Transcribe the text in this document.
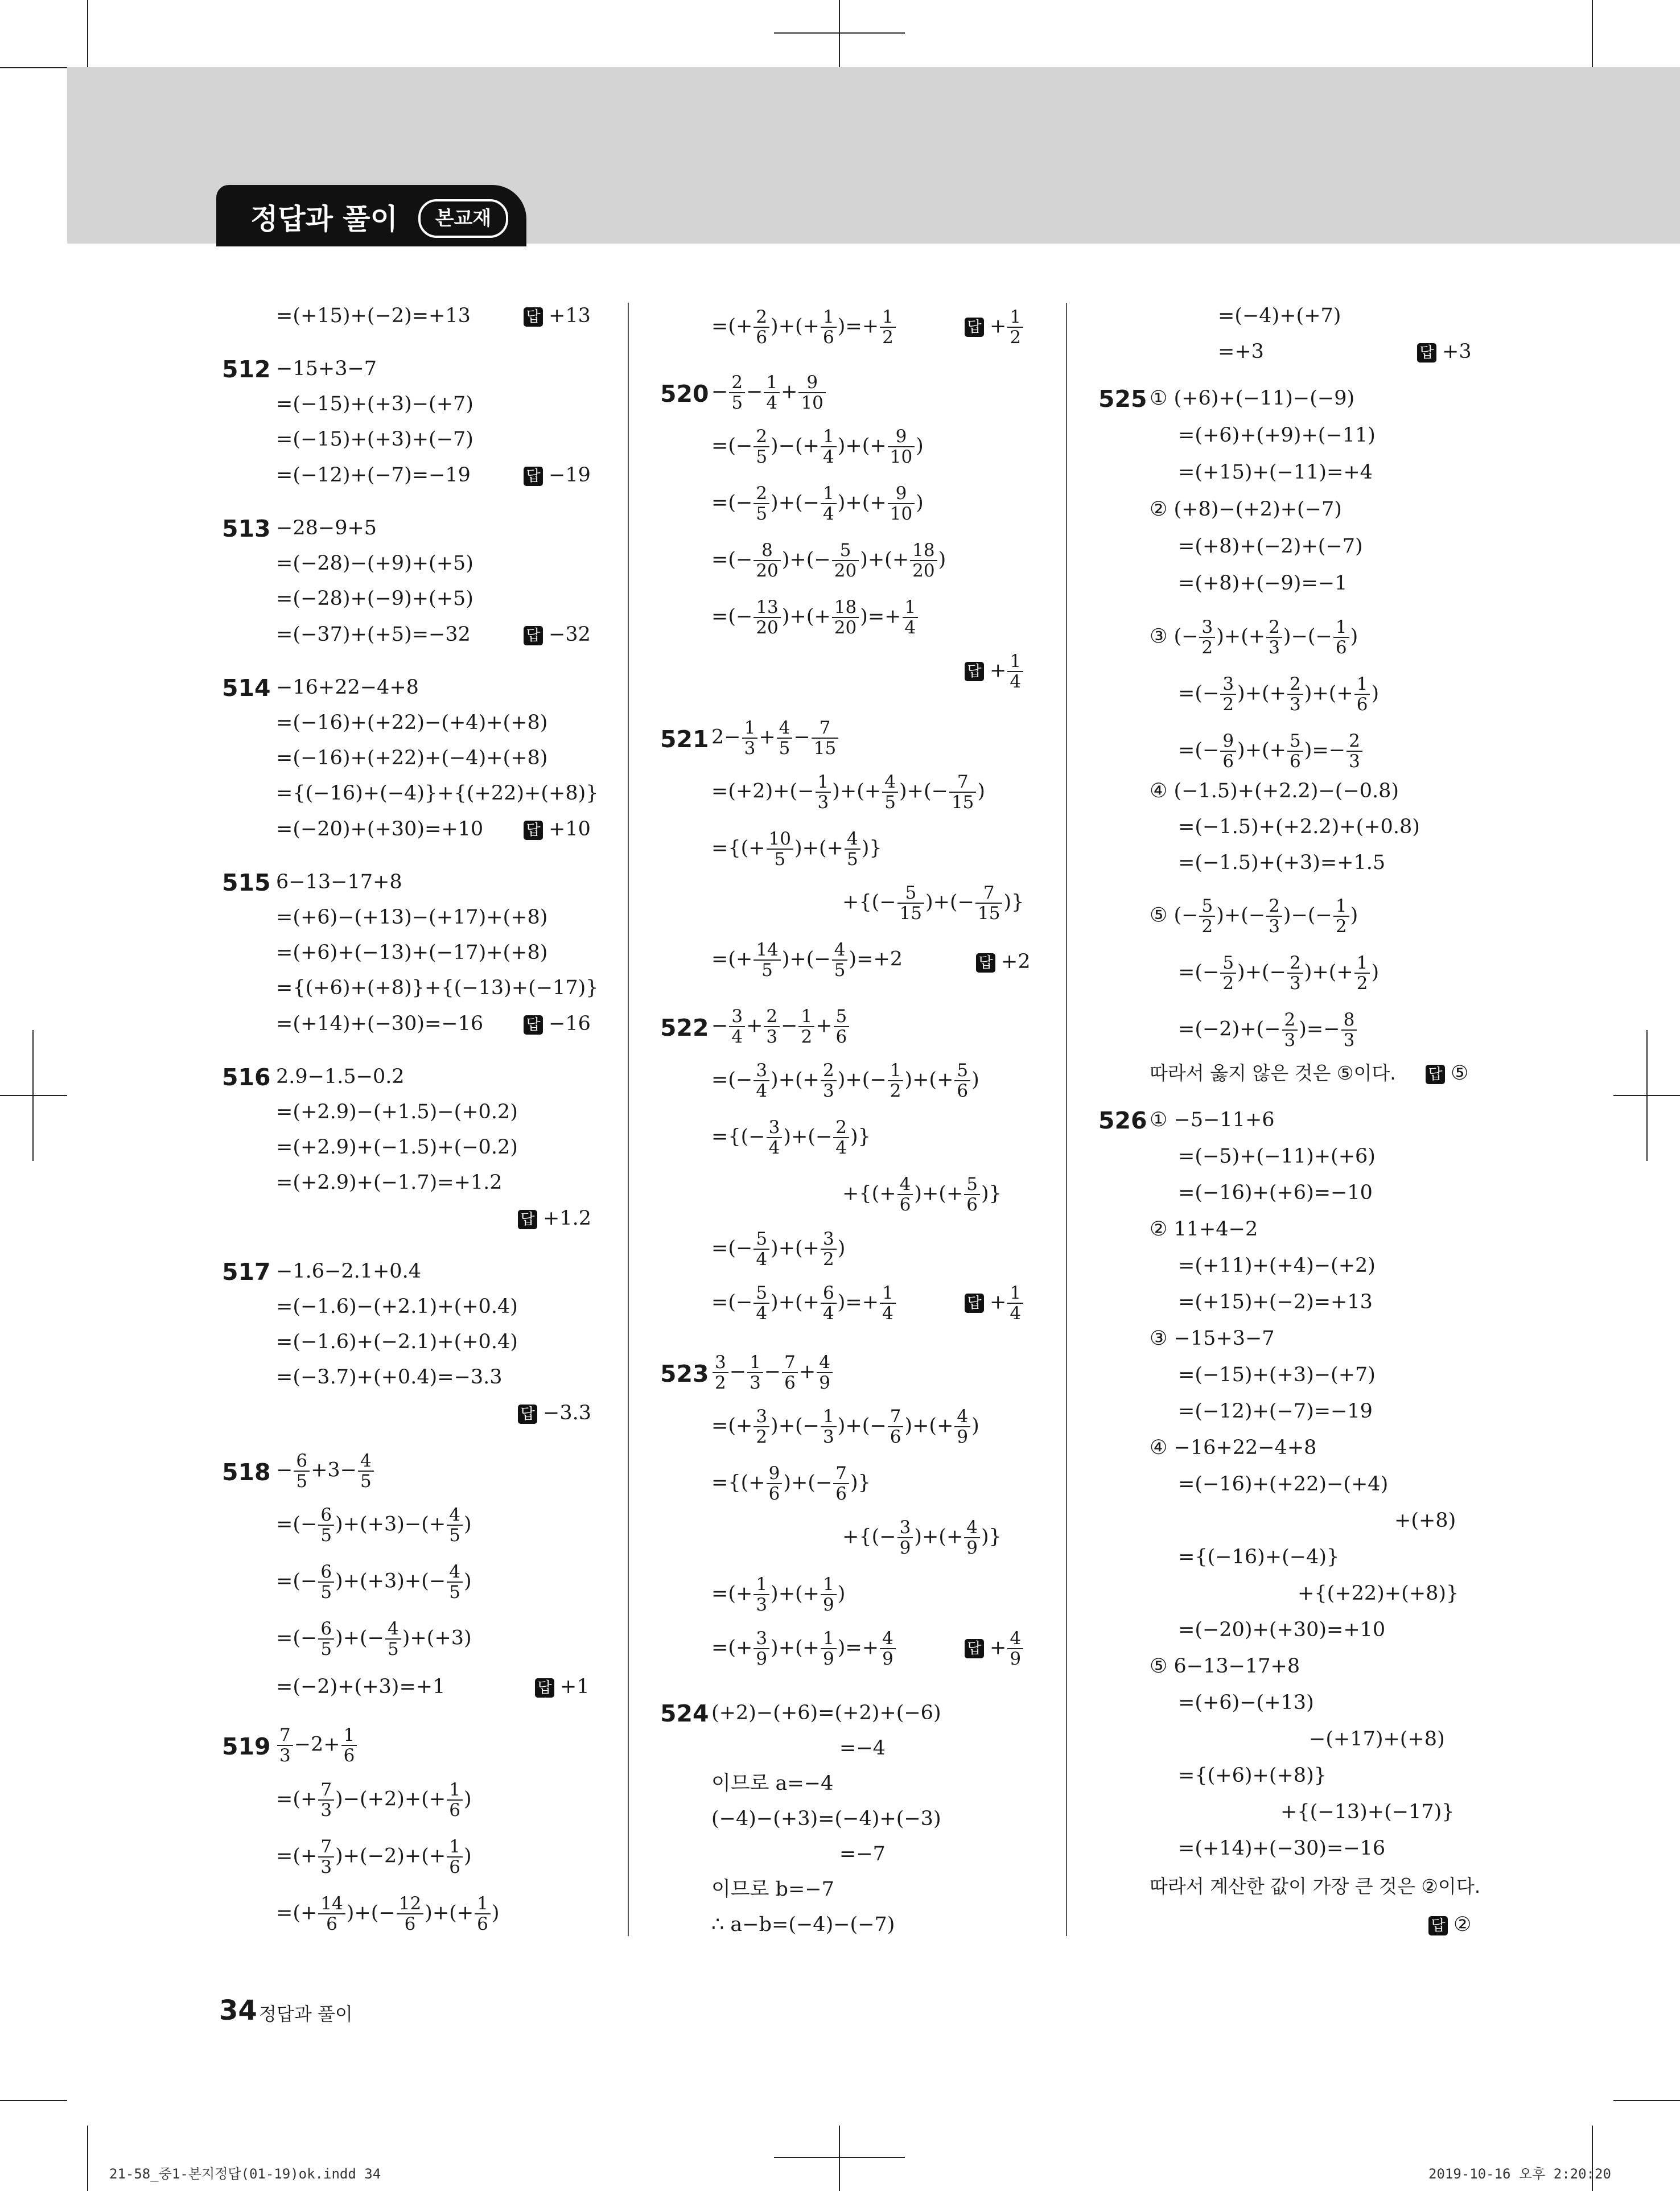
정답과 풀이	본교재
=(+15)+(−2)=+13	답 +13
512 −15+3−7
=(−15)+(+3)−(+7)
=(−15)+(+3)+(−7)
=(−12)+(−7)=−19	답 −19
513 −28−9+5
=(−28)−(+9)+(+5)
=(−28)+(−9)+(+5)
=(−37)+(+5)=−32	답 −32
514 −16+22−4+8
=(−16)+(+22)−(+4)+(+8)
=(−16)+(+22)+(−4)+(+8)
={(−16)+(−4)}+{(+22)+(+8)}
=(−20)+(+30)=+10	답 +10
515 6−13−17+8
=(+6)−(+13)−(+17)+(+8)
=(+6)+(−13)+(−17)+(+8)
={(+6)+(+8)}+{(−13)+(−17)}
=(+14)+(−30)=−16	답 −16
516 2.9−1.5−0.2
=(+2.9)−(+1.5)−(+0.2)
=(+2.9)+(−1.5)+(−0.2)
=(+2.9)+(−1.7)=+1.2
답 +1.2
517 −1.6−2.1+0.4
=(−1.6)−(+2.1)+(+0.4)
=(−1.6)+(−2.1)+(+0.4)
=(−3.7)+(+0.4)=−3.3
답 −3.3
$518 - \frac{6}{5} +3- \frac{4}{5}$
=(− $\frac{6}{5} )+(+3)-(+ \frac{4}{5}$ )
=(− $\frac{6}{5} )+(+3)+(- \frac{4}{5}$ )
=(− $\frac{6}{5}$ )+(− $\frac{4}{5} )+(+3)$
=(−2)+(+3)=+1	답 +1
$519 \frac{7}{3} -2+ \frac{1}{6}$
=(+ $\frac{7}{3} )-(+2)+(+ \frac{1}{6}$ )
=(+ $\frac{7}{3} )+(-2)+(+ \frac{1}{6}$ )
=(+ $\frac{14}{6}$ )+(− $\frac{12}{6}$ )+(+ $\frac{1}{6}$ )
=(+ $\frac{2}{6}$ )+(+ $\frac{1}{6}$ )=+ $\frac{1}{2}$	답 + $\frac{1}{2}$
$520 - \frac{2}{5} - \frac{1}{4} + \frac{9}{10}$
=(− $\frac{2}{5}$ )−(+ $\frac{1}{4}$ )+(+ $\frac{9}{10}$ )
=(− $\frac{2}{5}$ )+(− $\frac{1}{4}$ )+(+ $\frac{9}{10}$ )
=(− $\frac{8}{20}$ )+(− $\frac{5}{20}$ )+(+ $\frac{18}{20}$ )
=(− $\frac{13}{20}$ )+(+ $\frac{18}{20}$ )=+ $\frac{1}{4}$
답 + $\frac{1}{4}$
521 $2- \frac{1}{3} + \frac{4}{5} - \frac{7}{15}$
$=(+2)+(- \frac{1}{3}$ )+(+ $\frac{4}{5}$ )+(− $\frac{7}{15}$ )
={(+ $\frac{10}{5}$ )+(+ $\frac{4}{5}$ )}
+{(− $\frac{5}{15}$ )+(− $\frac{7}{15}$ )}
=(+ $\frac{14}{5}$ )+(− $\frac{4}{5} )=+2$	답 +2
$522 - \frac{3}{4} + \frac{2}{3} - \frac{1}{2} + \frac{5}{6}$
=(− $\frac{3}{4}$ )+(+ $\frac{2}{3}$ )+(− $\frac{1}{2}$ )+(+ $\frac{5}{6}$ )
={(− $\frac{3}{4}$ )+(− $\frac{2}{4}$ )}
+{(+ $\frac{4}{6}$ )+(+ $\frac{5}{6}$ )}
=(− $\frac{5}{4}$ )+(+ $\frac{3}{2}$ )
=(− $\frac{5}{4}$ )+(+ $\frac{6}{4}$ )=+ $\frac{1}{4}$	답 + $\frac{1}{4}$
$523 \frac{3}{2} - \frac{1}{3} - \frac{7}{6} + \frac{4}{9}$
=(+ $\frac{3}{2}$ )+(− $\frac{1}{3}$ )+(− $\frac{7}{6}$ )+(+ $\frac{4}{9}$ )
={(+ $\frac{9}{6}$ )+(− $\frac{7}{6}$ )}
+{(− $\frac{3}{9}$ )+(+ $\frac{4}{9}$ )}
=(+ $\frac{1}{3}$ )+(+ $\frac{1}{9}$ )
=(+ $\frac{3}{9}$ )+(+ $\frac{1}{9}$ )=+ $\frac{4}{9}$	답 + $\frac{4}{9}$
524 (+2)−(+6)=(+2)+(−6)
=−4
이므로 a=−4
(−4)−(+3)=(−4)+(−3)
=−7
이므로 b=−7
∴ a−b=(−4)−(−7)
=(−4)+(+7)
=+3	답 +3
525 ① (+6)+(−11)−(−9)
=(+6)+(+9)+(−11)
=(+15)+(−11)=+4
② (+8)−(+2)+(−7)
=(+8)+(−2)+(−7)
=(+8)+(−9)=−1
③ (− $\frac{3}{2}$ )+(+ $\frac{2}{3}$ )−(− $\frac{1}{6}$ )
=(− $\frac{3}{2}$ )+(+ $\frac{2}{3}$ )+(+ $\frac{1}{6}$ )
=(− $\frac{9}{6}$ )+(+ $\frac{5}{6}$ )=− $\frac{2}{3}$
④ (−1.5)+(+2.2)−(−0.8)
=(−1.5)+(+2.2)+(+0.8)
=(−1.5)+(+3)=+1.5
⑤ (− $\frac{5}{2}$ )+(− $\frac{2}{3}$ )−(− $\frac{1}{2}$ )
=(− $\frac{5}{2}$ )+(− $\frac{2}{3}$ )+(+ $\frac{1}{2}$ )
$=(-2)+(- \frac{2}{3}$ )=− $\frac{8}{3}$
따라서 옳지 않은 것은 ⑤이다. 답 ⑤
526 ① −5−11+6
=(−5)+(−11)+(+6)
=(−16)+(+6)=−10
② 11+4−2
=(+11)+(+4)−(+2)
=(+15)+(−2)=+13
③ −15+3−7
=(−15)+(+3)−(+7)
=(−12)+(−7)=−19
④ −16+22−4+8
=(−16)+(+22)−(+4)
+(+8)
={(−16)+(−4)}
+{(+22)+(+8)}
=(−20)+(+30)=+10
⑤ 6−13−17+8
=(+6)−(+13)
−(+17)+(+8)
={(+6)+(+8)}
+{(−13)+(−17)}
=(+14)+(−30)=−16
따라서 계산한 값이 가장 큰 것은 ②이다.
답 ②
34 정답과 풀이
21-58_중1-본지정답(01-19)ok.indd 34	2019-10-16 오후 2:20:20
